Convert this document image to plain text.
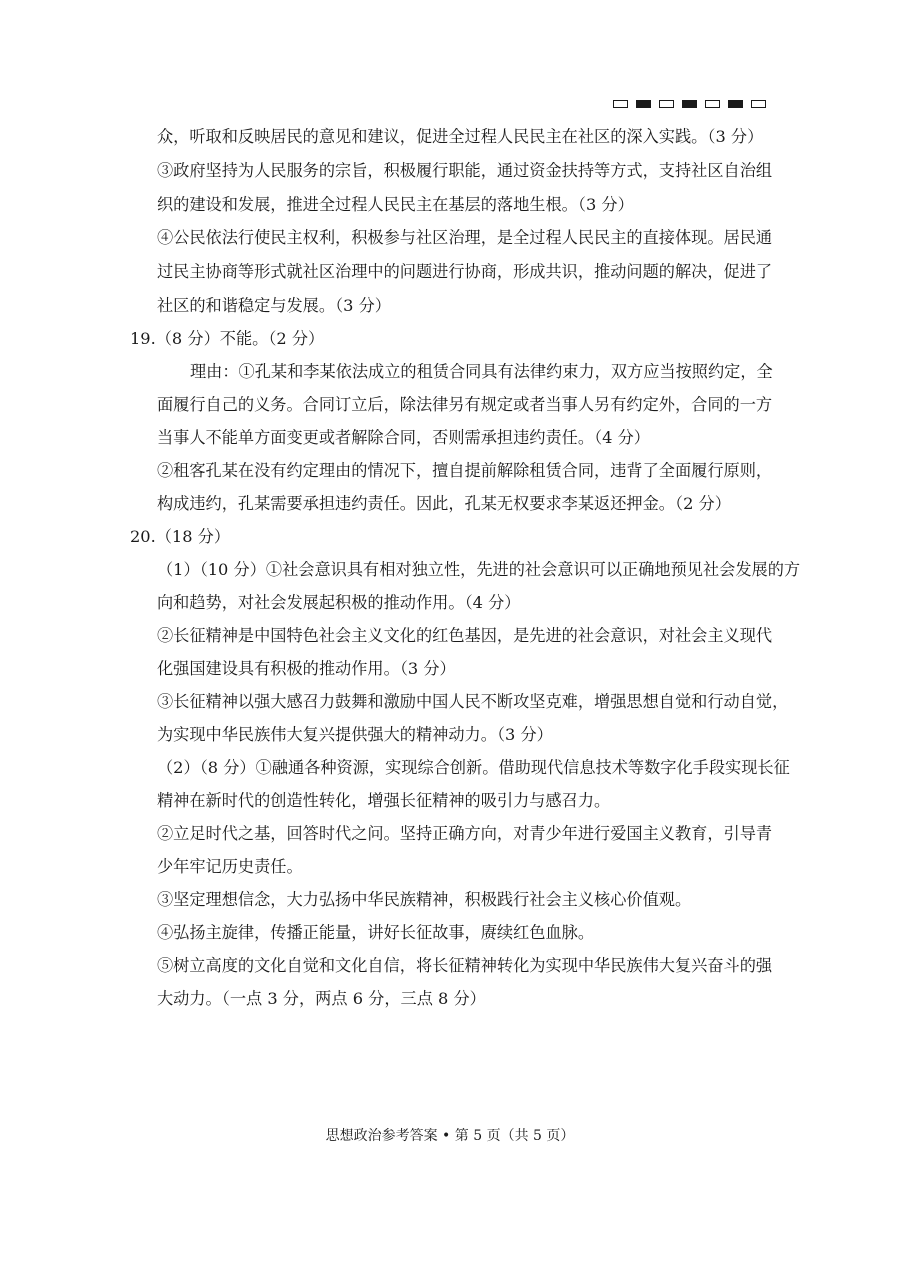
众，听取和反映居民的意见和建议，促进全过程人民民主在社区的深入实践。（3 分）
③政府坚持为人民服务的宗旨，积极履行职能，通过资金扶持等方式，支持社区自治组
织的建设和发展，推进全过程人民民主在基层的落地生根。（3 分）
④公民依法行使民主权利，积极参与社区治理，是全过程人民民主的直接体现。居民通
过民主协商等形式就社区治理中的问题进行协商，形成共识，推动问题的解决，促进了
社区的和谐稳定与发展。（3 分）
19.（8 分）不能。（2 分）
理由：①孔某和李某依法成立的租赁合同具有法律约束力，双方应当按照约定，全
面履行自己的义务。合同订立后，除法律另有规定或者当事人另有约定外，合同的一方
当事人不能单方面变更或者解除合同，否则需承担违约责任。（4 分）
②租客孔某在没有约定理由的情况下，擅自提前解除租赁合同，违背了全面履行原则，
构成违约，孔某需要承担违约责任。因此，孔某无权要求李某返还押金。（2 分）
20.（18 分）
（1）（10 分）①社会意识具有相对独立性，先进的社会意识可以正确地预见社会发展的方
向和趋势，对社会发展起积极的推动作用。（4 分）
②长征精神是中国特色社会主义文化的红色基因，是先进的社会意识，对社会主义现代
化强国建设具有积极的推动作用。（3 分）
③长征精神以强大感召力鼓舞和激励中国人民不断攻坚克难，增强思想自觉和行动自觉，
为实现中华民族伟大复兴提供强大的精神动力。（3 分）
（2）（8 分）①融通各种资源，实现综合创新。借助现代信息技术等数字化手段实现长征
精神在新时代的创造性转化，增强长征精神的吸引力与感召力。
②立足时代之基，回答时代之问。坚持正确方向，对青少年进行爱国主义教育，引导青
少年牢记历史责任。
③坚定理想信念，大力弘扬中华民族精神，积极践行社会主义核心价值观。
④弘扬主旋律，传播正能量，讲好长征故事，赓续红色血脉。
⑤树立高度的文化自觉和文化自信，将长征精神转化为实现中华民族伟大复兴奋斗的强
大动力。（一点 3 分，两点 6 分，三点 8 分）
思想政治参考答案 • 第 5 页（共 5 页）
